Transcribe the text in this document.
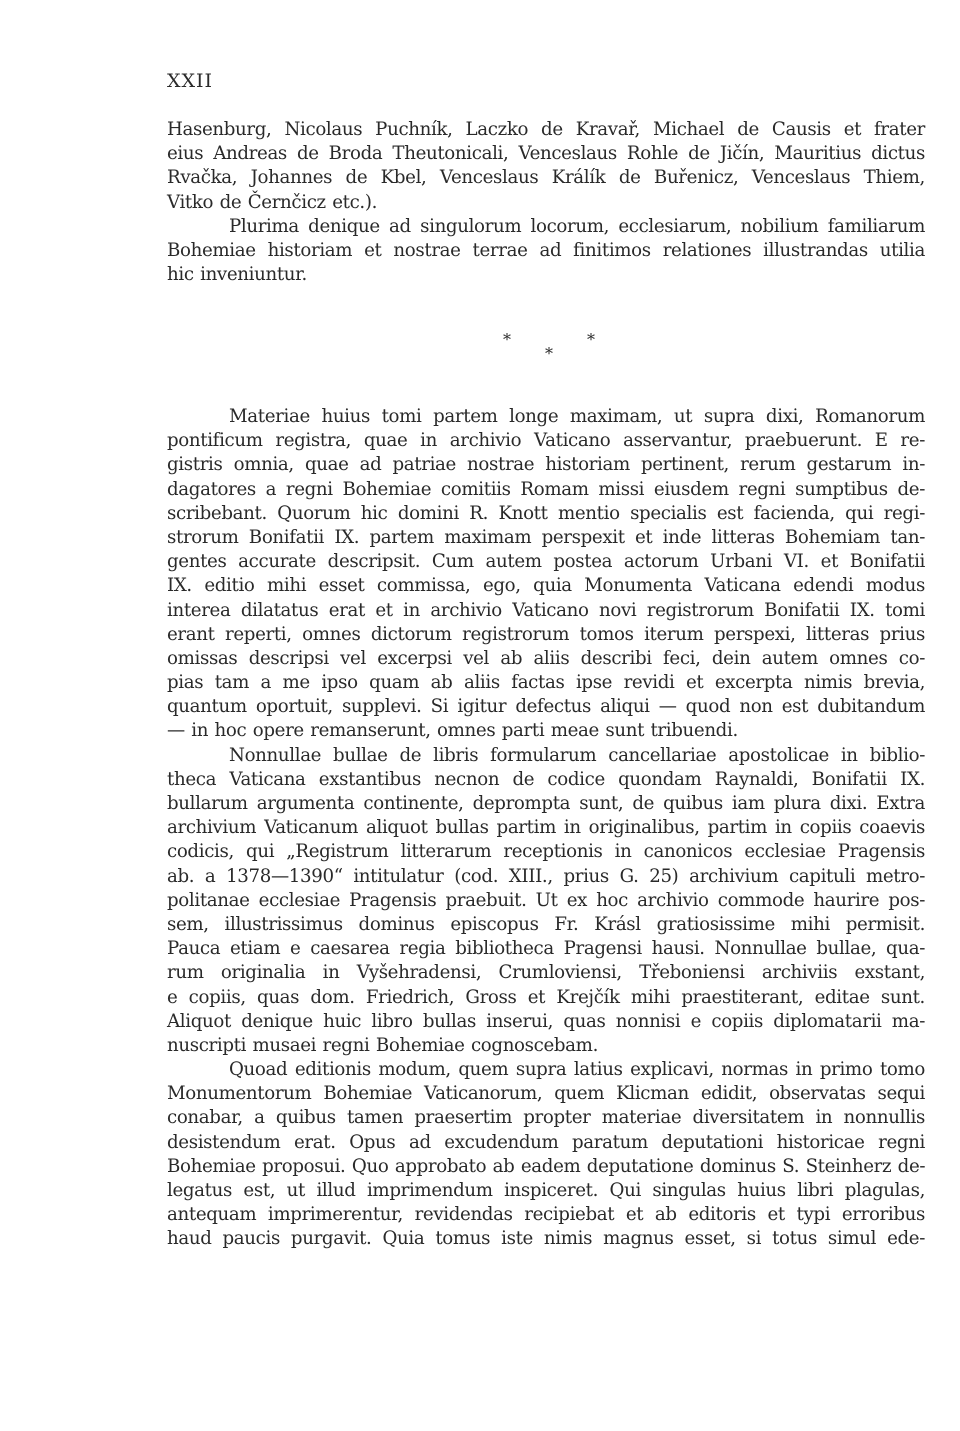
XXII
Hasenburg, Nicolaus Puchník, Laczko de Kravař, Michael de Causis et frater
eius Andreas de Broda Theutonicali, Venceslaus Rohle de Jičín, Mauritius dictus
Rvačka, Johannes de Kbel, Venceslaus Králík de Buřenicz, Venceslaus Thiem,
Vitko de Černčicz etc.).
Plurima denique ad singulorum locorum, ecclesiarum, nobilium familiarum
Bohemiae historiam et nostrae terrae ad finitimos relationes illustrandas utilia
hic inveniuntur.
*	*
*
Materiae huius tomi partem longe maximam, ut supra dixi, Romanorum
pontificum registra, quae in archivio Vaticano asservantur, praebuerunt. E re-
gistris omnia, quae ad patriae nostrae historiam pertinent, rerum gestarum in-
dagatores a regni Bohemiae comitiis Romam missi eiusdem regni sumptibus de-
scribebant. Quorum hic domini R. Knott mentio specialis est facienda, qui regi-
strorum Bonifatii IX. partem maximam perspexit et inde litteras Bohemiam tan-
gentes accurate descripsit. Cum autem postea actorum Urbani VI. et Bonifatii
IX. editio mihi esset commissa, ego, quia Monumenta Vaticana edendi modus
interea dilatatus erat et in archivio Vaticano novi registrorum Bonifatii IX. tomi
erant reperti, omnes dictorum registrorum tomos iterum perspexi, litteras prius
omissas descripsi vel excerpsi vel ab aliis describi feci, dein autem omnes co-
pias tam a me ipso quam ab aliis factas ipse revidi et excerpta nimis brevia,
quantum oportuit, supplevi. Si igitur defectus aliqui — quod non est dubitandum
— in hoc opere remanserunt, omnes parti meae sunt tribuendi.
Nonnullae bullae de libris formularum cancellariae apostolicae in biblio-
theca Vaticana exstantibus necnon de codice quondam Raynaldi, Bonifatii IX.
bullarum argumenta continente, deprompta sunt, de quibus iam plura dixi. Extra
archivium Vaticanum aliquot bullas partim in originalibus, partim in copiis coaevis
codicis, qui „Registrum litterarum receptionis in canonicos ecclesiae Pragensis
ab. a 1378—1390“ intitulatur (cod. XIII., prius G. 25) archivium capituli metro-
politanae ecclesiae Pragensis praebuit. Ut ex hoc archivio commode haurire pos-
sem, illustrissimus dominus episcopus Fr. Krásl gratiosissime mihi permisit.
Pauca etiam e caesarea regia bibliotheca Pragensi hausi. Nonnullae bullae, qua-
rum originalia in Vyšehradensi, Crumloviensi, Třeboniensi archiviis exstant,
e copiis, quas dom. Friedrich, Gross et Krejčík mihi praestiterant, editae sunt.
Aliquot denique huic libro bullas inserui, quas nonnisi e copiis diplomatarii ma-
nuscripti musaei regni Bohemiae cognoscebam.
Quoad editionis modum, quem supra latius explicavi, normas in primo tomo
Monumentorum Bohemiae Vaticanorum, quem Klicman edidit, observatas sequi
conabar, a quibus tamen praesertim propter materiae diversitatem in nonnullis
desistendum erat. Opus ad excudendum paratum deputationi historicae regni
Bohemiae proposui. Quo approbato ab eadem deputatione dominus S. Steinherz de-
legatus est, ut illud imprimendum inspiceret. Qui singulas huius libri plagulas,
antequam imprimerentur, revidendas recipiebat et ab editoris et typi erroribus
haud paucis purgavit. Quia tomus iste nimis magnus esset, si totus simul ede-
